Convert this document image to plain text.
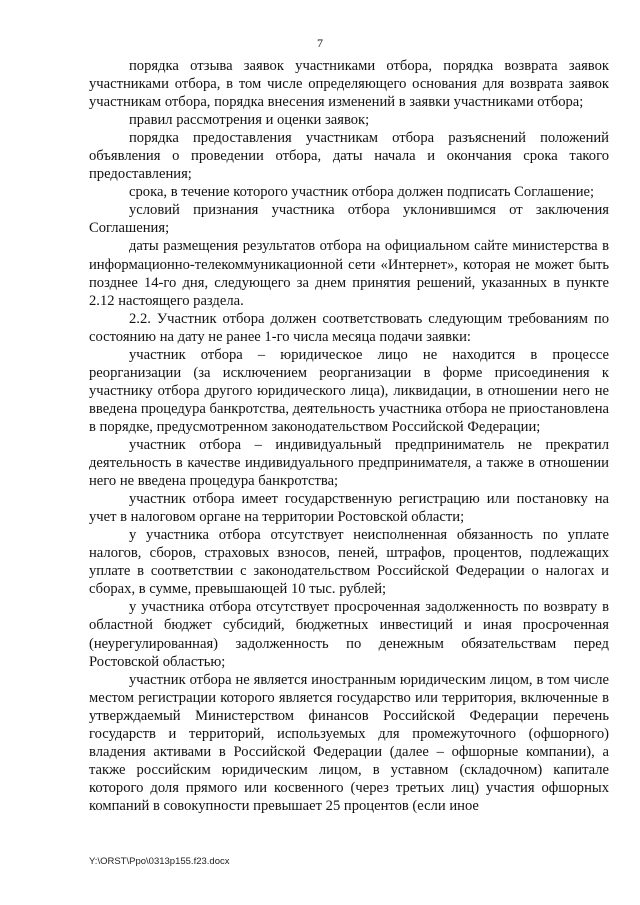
7

порядка отзыва заявок участниками отбора, порядка возврата заявок участниками отбора, в том числе определяющего основания для возврата заявок участникам отбора, порядка внесения изменений в заявки участниками отбора;

правил рассмотрения и оценки заявок;

порядка предоставления участникам отбора разъяснений положений объявления о проведении отбора, даты начала и окончания срока такого предоставления;

срока, в течение которого участник отбора должен подписать Соглашение;

условий признания участника отбора уклонившимся от заключения Соглашения;

даты размещения результатов отбора на официальном сайте министерства в информационно-телекоммуникационной сети «Интернет», которая не может быть позднее 14-го дня, следующего за днем принятия решений, указанных в пункте 2.12 настоящего раздела.

2.2. Участник отбора должен соответствовать следующим требованиям по состоянию на дату не ранее 1-го числа месяца подачи заявки:

участник отбора – юридическое лицо не находится в процессе реорганизации (за исключением реорганизации в форме присоединения к участнику отбора другого юридического лица), ликвидации, в отношении него не введена процедура банкротства, деятельность участника отбора не приостановлена в порядке, предусмотренном законодательством Российской Федерации;

участник отбора – индивидуальный предприниматель не прекратил деятельность в качестве индивидуального предпринимателя, а также в отношении него не введена процедура банкротства;

участник отбора имеет государственную регистрацию или постановку на учет в налоговом органе на территории Ростовской области;

у участника отбора отсутствует неисполненная обязанность по уплате налогов, сборов, страховых взносов, пеней, штрафов, процентов, подлежащих уплате в соответствии с законодательством Российской Федерации о налогах и сборах, в сумме, превышающей 10 тыс. рублей;

у участника отбора отсутствует просроченная задолженность по возврату в областной бюджет субсидий, бюджетных инвестиций и иная просроченная (неурегулированная) задолженность по денежным обязательствам перед Ростовской областью;

участник отбора не является иностранным юридическим лицом, в том числе местом регистрации которого является государство или территория, включенные в утверждаемый Министерством финансов Российской Федерации перечень государств и территорий, используемых для промежуточного (офшорного) владения активами в Российской Федерации (далее – офшорные компании), а также российским юридическим лицом, в уставном (складочном) капитале которого доля прямого или косвенного (через третьих лиц) участия офшорных компаний в совокупности превышает 25 процентов (если иное

Y:\ORST\Ppo\0313p155.f23.docx
